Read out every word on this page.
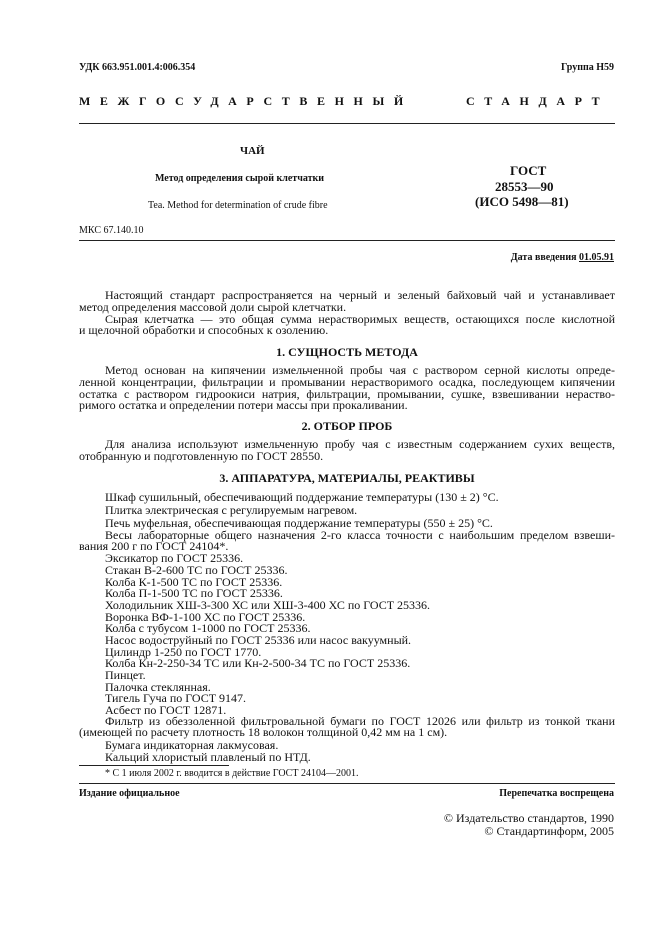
УДК 663.951.001.4:006.354	Группа Н59
МЕЖГОСУДАРСТВЕННЫЙ	СТАНДАРТ
ЧАЙ
Метод определения сырой клетчатки
Tea. Method for determination of crude fibre
ГОСТ
28553—90
(ИСО 5498—81)
МКС 67.140.10
Дата введения 01.05.91
Настоящий стандарт распространяется на черный и зеленый байховый чай и устанавливает
метод определения массовой доли сырой клетчатки.
Сырая клетчатка — это общая сумма нерастворимых веществ, остающихся после кислотной
и щелочной обработки и способных к озолению.
1. СУЩНОСТЬ МЕТОДА
Метод основан на кипячении измельченной пробы чая с раствором серной кислоты опреде-
ленной концентрации, фильтрации и промывании нерастворимого осадка, последующем кипячении
остатка с раствором гидроокиси натрия, фильтрации, промывании, сушке, взвешивании нераство-
римого остатка и определении потери массы при прокаливании.
2. ОТБОР ПРОБ
Для анализа используют измельченную пробу чая с известным содержанием сухих веществ,
отобранную и подготовленную по ГОСТ 28550.
3. АППАРАТУРА, МАТЕРИАЛЫ, РЕАКТИВЫ
Шкаф сушильный, обеспечивающий поддержание температуры (130 ± 2) °С.
Плитка электрическая с регулируемым нагревом.
Печь муфельная, обеспечивающая поддержание температуры (550 ± 25) °С.
Весы лабораторные общего назначения 2-го класса точности с наибольшим пределом взвеши-
вания 200 г по ГОСТ 24104*.
Эксикатор по ГОСТ 25336.
Стакан В-2-600 ТС по ГОСТ 25336.
Колба К-1-500 ТС по ГОСТ 25336.
Колба П-1-500 ТС по ГОСТ 25336.
Холодильник ХШ-3-300 ХС или ХШ-3-400 ХС по ГОСТ 25336.
Воронка ВФ-1-100 ХС по ГОСТ 25336.
Колба с тубусом 1-1000 по ГОСТ 25336.
Насос водоструйный по ГОСТ 25336 или насос вакуумный.
Цилиндр 1-250 по ГОСТ 1770.
Колба Кн-2-250-34 ТС или Кн-2-500-34 ТС по ГОСТ 25336.
Пинцет.
Палочка стеклянная.
Тигель Гуча по ГОСТ 9147.
Асбест по ГОСТ 12871.
Фильтр из обеззоленной фильтровальной бумаги по ГОСТ 12026 или фильтр из тонкой ткани
(имеющей по расчету плотность 18 волокон толщиной 0,42 мм на 1 см).
Бумага индикаторная лакмусовая.
Кальций хлористый плавленый по НТД.
* С 1 июля 2002 г. вводится в действие ГОСТ 24104—2001.
Издание официальное	Перепечатка воспрещена
© Издательство стандартов, 1990
© Стандартинформ, 2005
